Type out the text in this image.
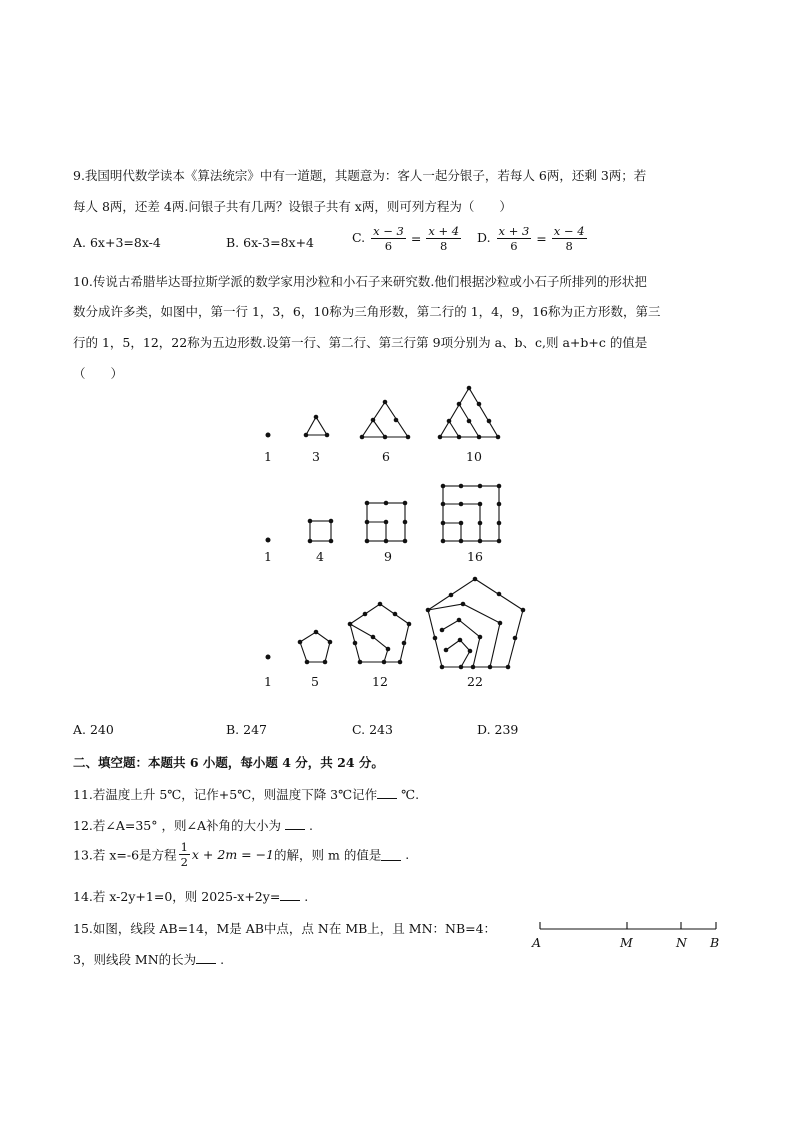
9.我国明代数学读本《算法统宗》中有一道题，其题意为：客人一起分银子，若每人 6两，还剩 3两；若
每人 8两，还差 4两.问银子共有几两？设银子共有 x两，则可列方程为（　　）
A. 6x+3=8x-4	B. 6x-3=8x+4	C. $\frac{x - 3}{6} = \frac{x + 4}{8} D$. $\frac{x + 3}{6} = \frac{x - 4}{8}$
10.传说古希腊毕达哥拉斯学派的数学家用沙粒和小石子来研究数.他们根据沙粒或小石子所排列的形状把
数分成许多类，如图中，第一行 1，3，6，10称为三角形数，第二行的 1，4，9，16称为正方形数，第三
行的 1，5，12，22称为五边形数.设第一行、第二行、第三行第 9项分别为 a、b、c,则 a+b+c 的值是
（　　）
1	3	6	10
1	4	9	16
1	5	12	22
A. 240	B. 247	C. 243	D. 239
二、填空题：本题共 6 小题，每小题 4 分，共 24 分。
11.若温度上升 5℃，记作+5℃，则温度下降 3℃记作 ℃.
12.若∠A=35° ，则∠A补角的大小为  .
13.若 x=-6是方程 $\frac{1}{2}$ x + 2m = −1的解，则 m 的值是 .
14.若 x-2y+1=0，则 2025-x+2y= .
15.如图，线段 AB=14，M是 AB中点，点 N在 MB上，且 MN：NB=4：
3，则线段 MN的长为 .
A	M	N B
